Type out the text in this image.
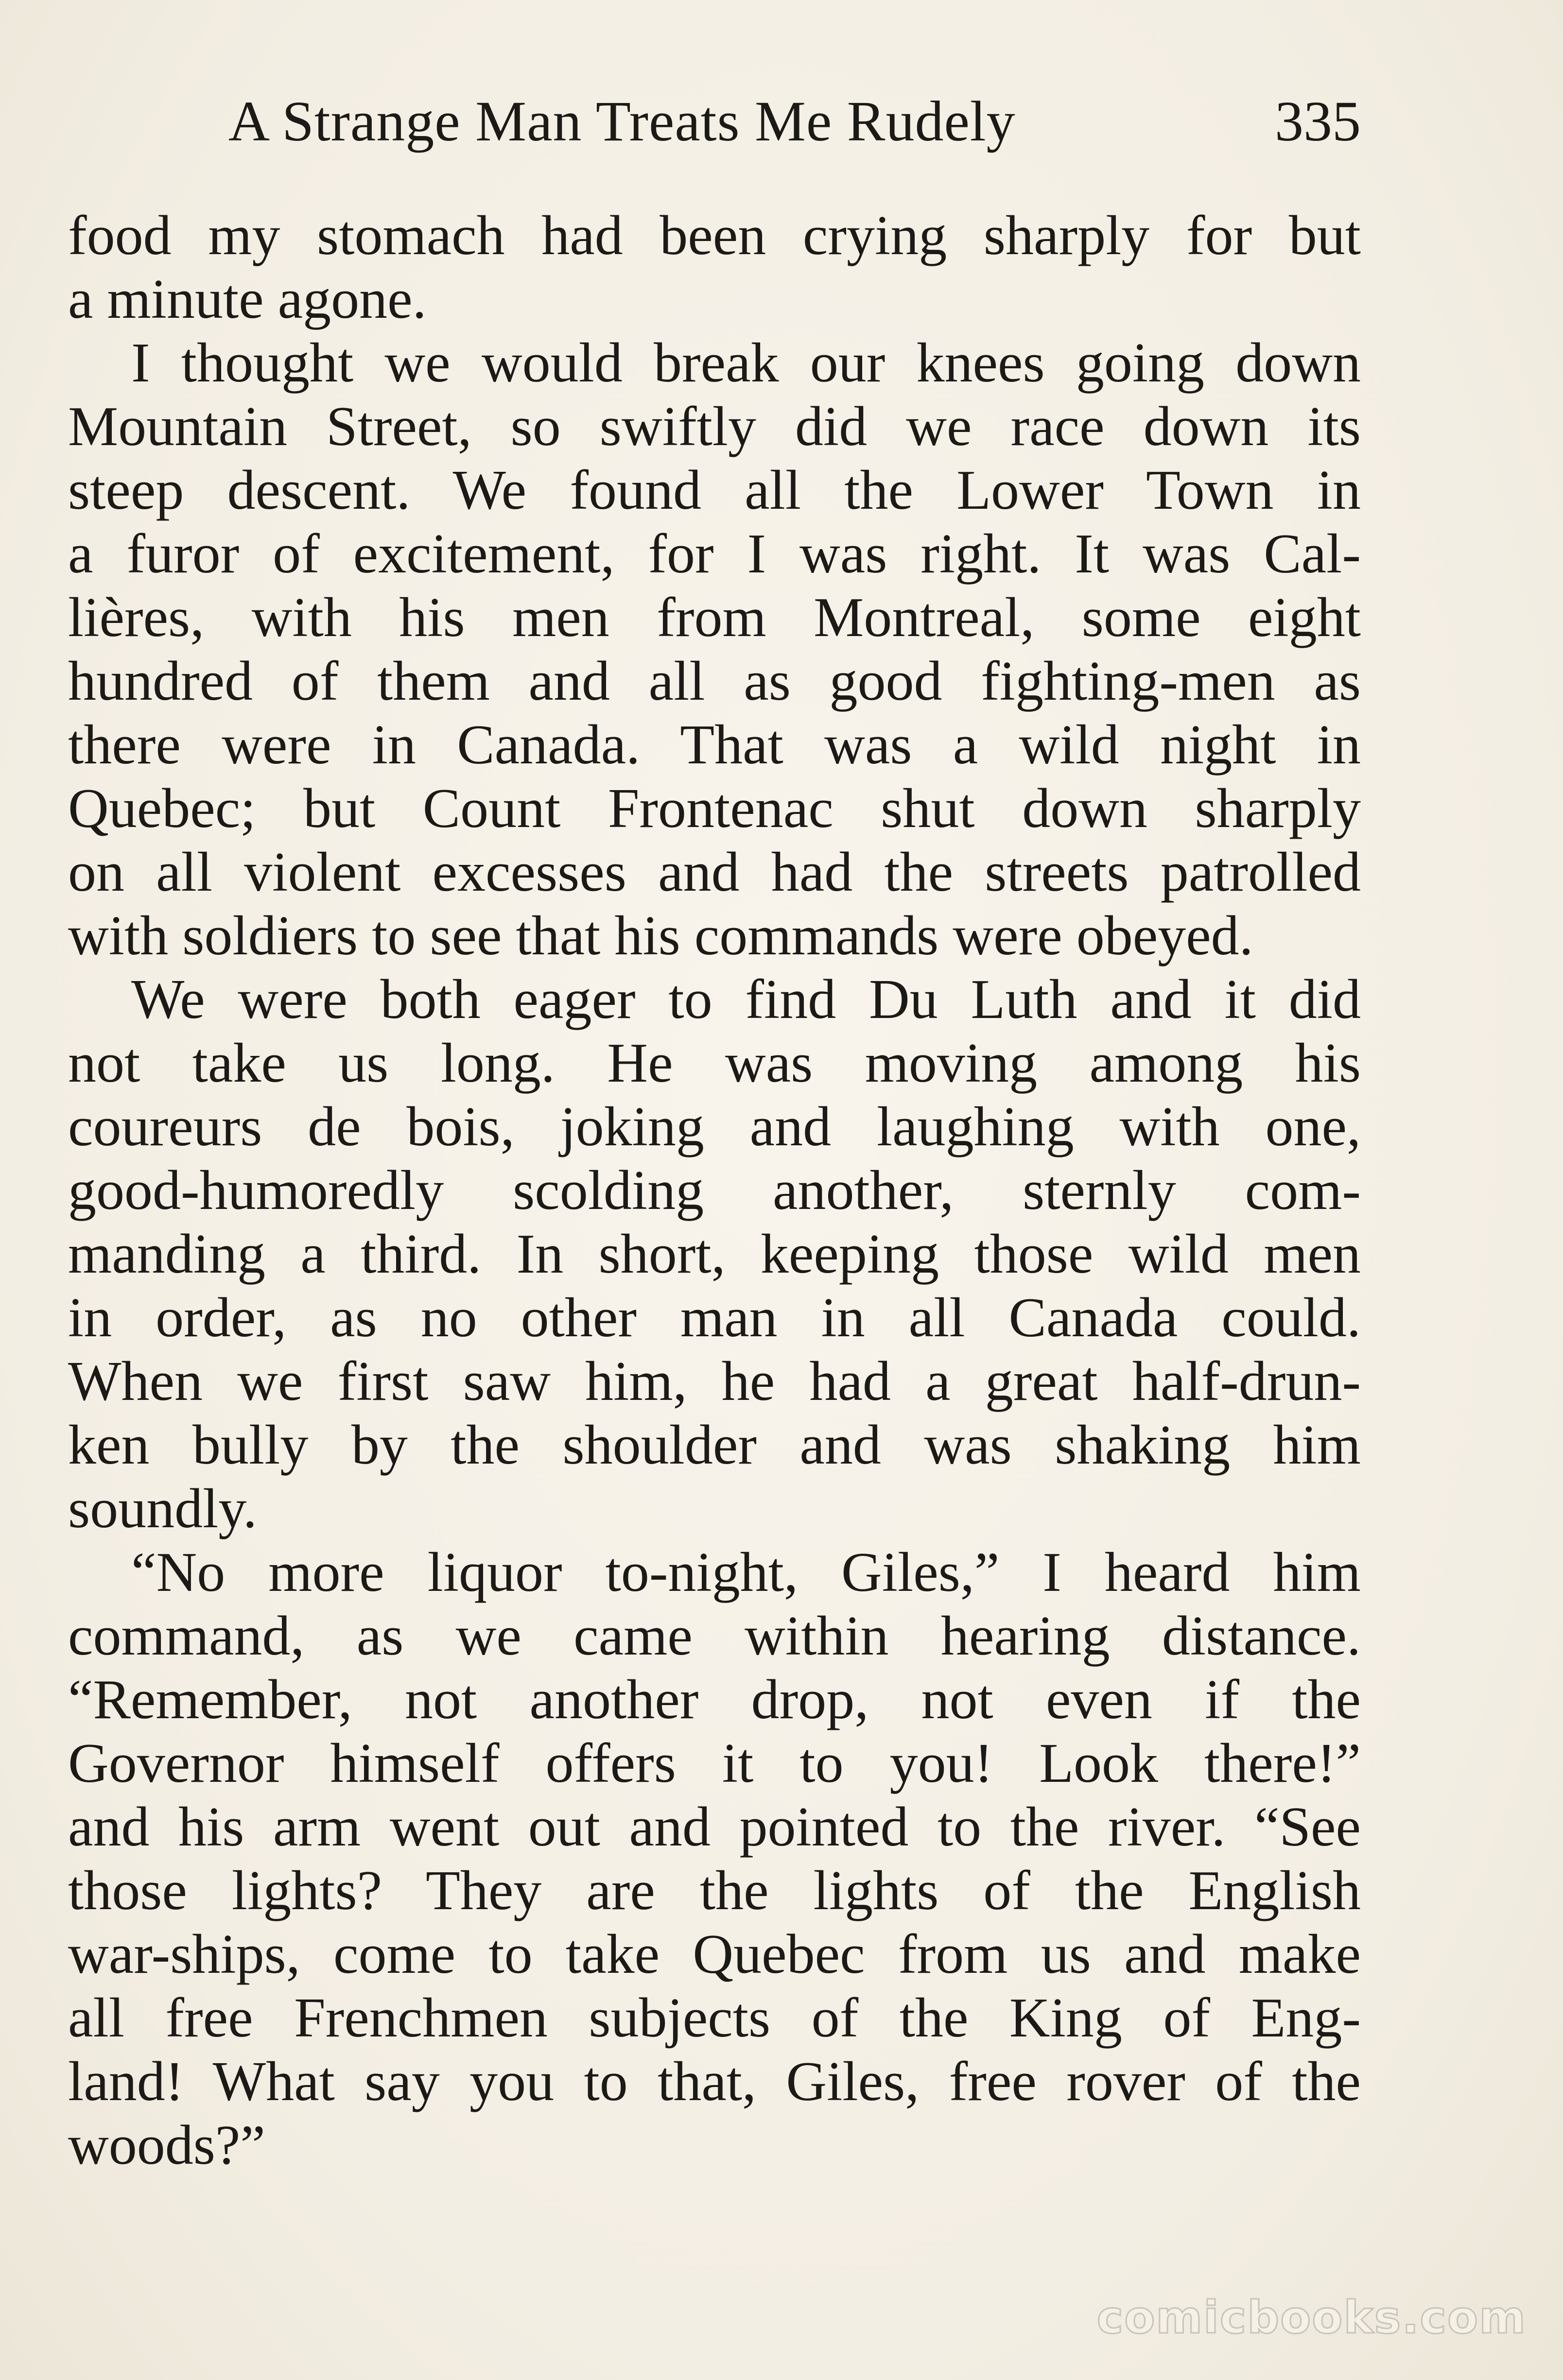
A Strange Man Treats Me Rudely	335
food my stomach had been crying sharply for but
a minute agone.
I thought we would break our knees going down
Mountain Street, so swiftly did we race down its
steep descent. We found all the Lower Town in
a furor of excitement, for I was right. It was Cal-
lières, with his men from Montreal, some eight
hundred of them and all as good fighting-men as
there were in Canada. That was a wild night in
Quebec; but Count Frontenac shut down sharply
on all violent excesses and had the streets patrolled
with soldiers to see that his commands were obeyed.
We were both eager to find Du Luth and it did
not take us long. He was moving among his
coureurs de bois, joking and laughing with one,
good-humoredly scolding another, sternly com-
manding a third. In short, keeping those wild men
in order, as no other man in all Canada could.
When we first saw him, he had a great half-drun-
ken bully by the shoulder and was shaking him
soundly.
“No more liquor to-night, Giles,” I heard him
command, as we came within hearing distance.
“Remember, not another drop, not even if the
Governor himself offers it to you! Look there!”
and his arm went out and pointed to the river. “See
those lights? They are the lights of the English
war-ships, come to take Quebec from us and make
all free Frenchmen subjects of the King of Eng-
land! What say you to that, Giles, free rover of the
woods?”
comicbooks.com
